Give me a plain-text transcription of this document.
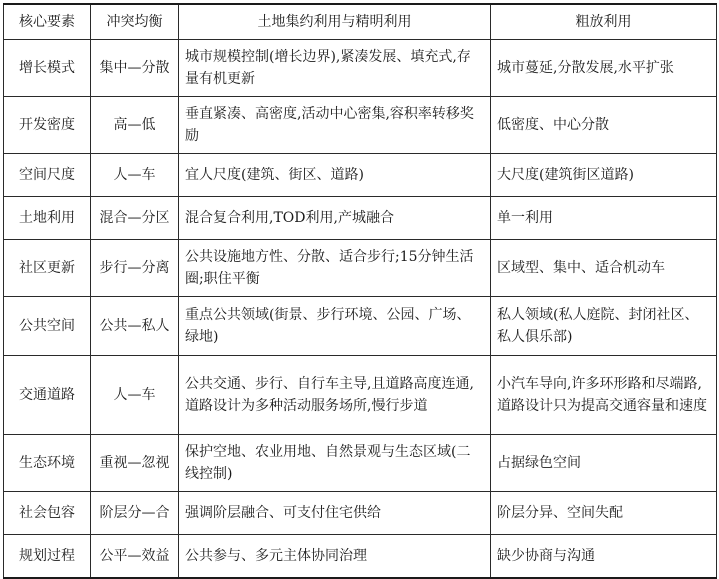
核心要素	冲突均衡	土地集约利用与精明利用	粗放利用
增长模式	集中—分散	城市规模控制(增长边界),紧凑发展、填充式,存量有机更新	城市蔓延,分散发展,水平扩张
开发密度	高—低	垂直紧凑、高密度,活动中心密集,容积率转移奖励	低密度、中心分散
空间尺度	人—车	宜人尺度(建筑、街区、道路)	大尺度(建筑街区道路)
土地利用	混合—分区	混合复合利用,TOD利用,产城融合	单一利用
社区更新	步行—分离	公共设施地方性、分散、适合步行;15分钟生活圈;职住平衡	区域型、集中、适合机动车
公共空间	公共—私人	重点公共领域(街景、步行环境、公园、广场、绿地)	私人领域(私人庭院、封闭社区、私人俱乐部)
交通道路	人—车	公共交通、步行、自行车主导,且道路高度连通,道路设计为多种活动服务场所,慢行步道	小汽车导向,许多环形路和尽端路,道路设计只为提高交通容量和速度
生态环境	重视—忽视	保护空地、农业用地、自然景观与生态区域(二线控制)	占据绿色空间
社会包容	阶层分—合	强调阶层融合、可支付住宅供给	阶层分异、空间失配
规划过程	公平—效益	公共参与、多元主体协同治理	缺少协商与沟通
